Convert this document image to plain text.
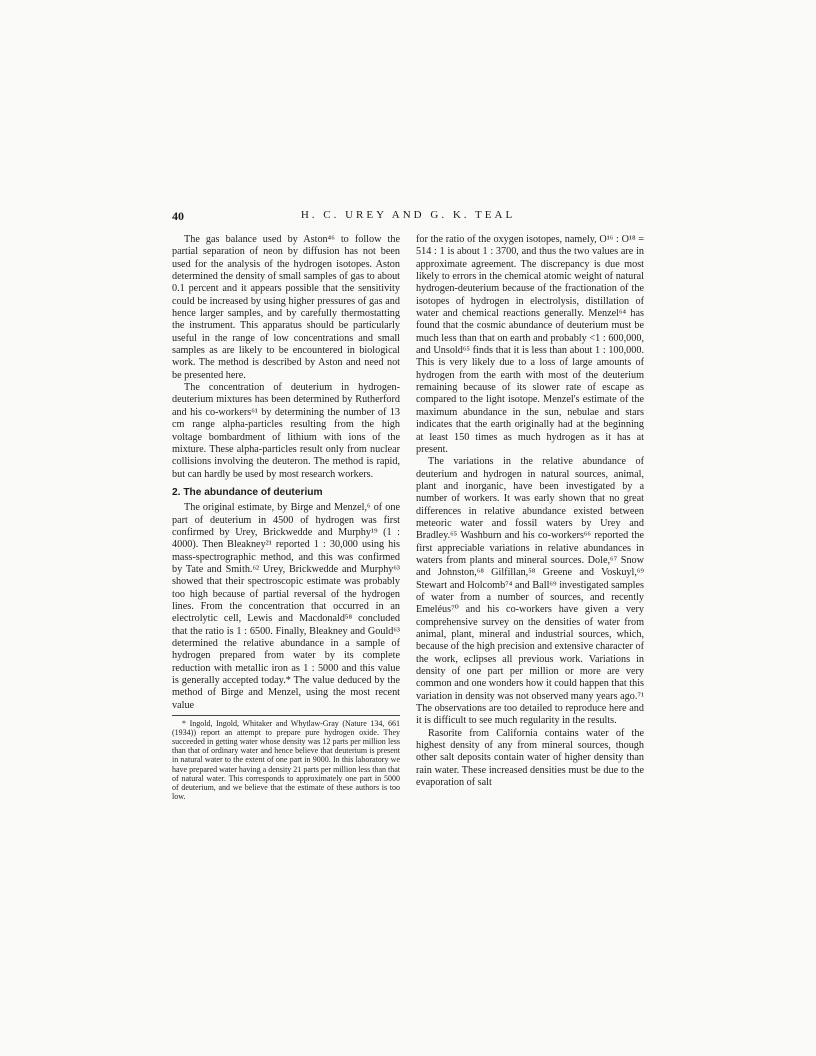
40	H. C. UREY AND G. K. TEAL

The gas balance used by Aston⁴⁶ to follow the partial separation of neon by diffusion has not been used for the analysis of the hydrogen isotopes. Aston determined the density of small samples of gas to about 0.1 percent and it appears possible that the sensitivity could be increased by using higher pressures of gas and hence larger samples, and by carefully thermostatting the instrument. This apparatus should be particularly useful in the range of low concentrations and small samples as are likely to be encountered in biological work. The method is described by Aston and need not be presented here.

The concentration of deuterium in hydrogen-deuterium mixtures has been determined by Rutherford and his co-workers⁶¹ by determining the number of 13 cm range alpha-particles resulting from the high voltage bombardment of lithium with ions of the mixture. These alpha-particles result only from nuclear collisions involving the deuteron. The method is rapid, but can hardly be used by most research workers.

2. The abundance of deuterium

The original estimate, by Birge and Menzel,⁶ of one part of deuterium in 4500 of hydrogen was first confirmed by Urey, Brickwedde and Murphy¹⁹ (1 : 4000). Then Bleakney²¹ reported 1 : 30,000 using his mass-spectrographic method, and this was confirmed by Tate and Smith.⁶² Urey, Brickwedde and Murphy⁶³ showed that their spectroscopic estimate was probably too high because of partial reversal of the hydrogen lines. From the concentration that occurred in an electrolytic cell, Lewis and Macdonald⁵⁸ concluded that the ratio is 1 : 6500. Finally, Bleakney and Gould⁶³ determined the relative abundance in a sample of hydrogen prepared from water by its complete reduction with metallic iron as 1 : 5000 and this value is generally accepted today.* The value deduced by the method of Birge and Menzel, using the most recent value

* Ingold, Ingold, Whitaker and Whytlaw-Gray (Nature 134, 661 (1934)) report an attempt to prepare pure hydrogen oxide. They succeeded in getting water whose density was 12 parts per million less than that of ordinary water and hence believe that deuterium is present in natural water to the extent of one part in 9000. In this laboratory we have prepared water having a density 21 parts per million less than that of natural water. This corresponds to approximately one part in 5000 of deuterium, and we believe that the estimate of these authors is too low.

for the ratio of the oxygen isotopes, namely, O¹⁶ : O¹⁸ = 514 : 1 is about 1 : 3700, and thus the two values are in approximate agreement. The discrepancy is due most likely to errors in the chemical atomic weight of natural hydrogen-deuterium because of the fractionation of the isotopes of hydrogen in electrolysis, distillation of water and chemical reactions generally. Menzel⁶⁴ has found that the cosmic abundance of deuterium must be much less than that on earth and probably <1 : 600,000, and Unsold⁶⁵ finds that it is less than about 1 : 100,000. This is very likely due to a loss of large amounts of hydrogen from the earth with most of the deuterium remaining because of its slower rate of escape as compared to the light isotope. Menzel's estimate of the maximum abundance in the sun, nebulae and stars indicates that the earth originally had at the beginning at least 150 times as much hydrogen as it has at present.

The variations in the relative abundance of deuterium and hydrogen in natural sources, animal, plant and inorganic, have been investigated by a number of workers. It was early shown that no great differences in relative abundance existed between meteoric water and fossil waters by Urey and Bradley.⁶⁵ Washburn and his co-workers⁶⁶ reported the first appreciable variations in relative abundances in waters from plants and mineral sources. Dole,⁶⁷ Snow and Johnston,⁶⁸ Gilfillan,⁵⁸ Greene and Voskuyl,⁶⁹ Stewart and Holcomb⁷⁴ and Ball⁶⁹ investigated samples of water from a number of sources, and recently Emeléus⁷⁰ and his co-workers have given a very comprehensive survey on the densities of water from animal, plant, mineral and industrial sources, which, because of the high precision and extensive character of the work, eclipses all previous work. Variations in density of one part per million or more are very common and one wonders how it could happen that this variation in density was not observed many years ago.⁷¹ The observations are too detailed to reproduce here and it is difficult to see much regularity in the results.

Rasorite from California contains water of the highest density of any from mineral sources, though other salt deposits contain water of higher density than rain water. These increased densities must be due to the evaporation of salt
